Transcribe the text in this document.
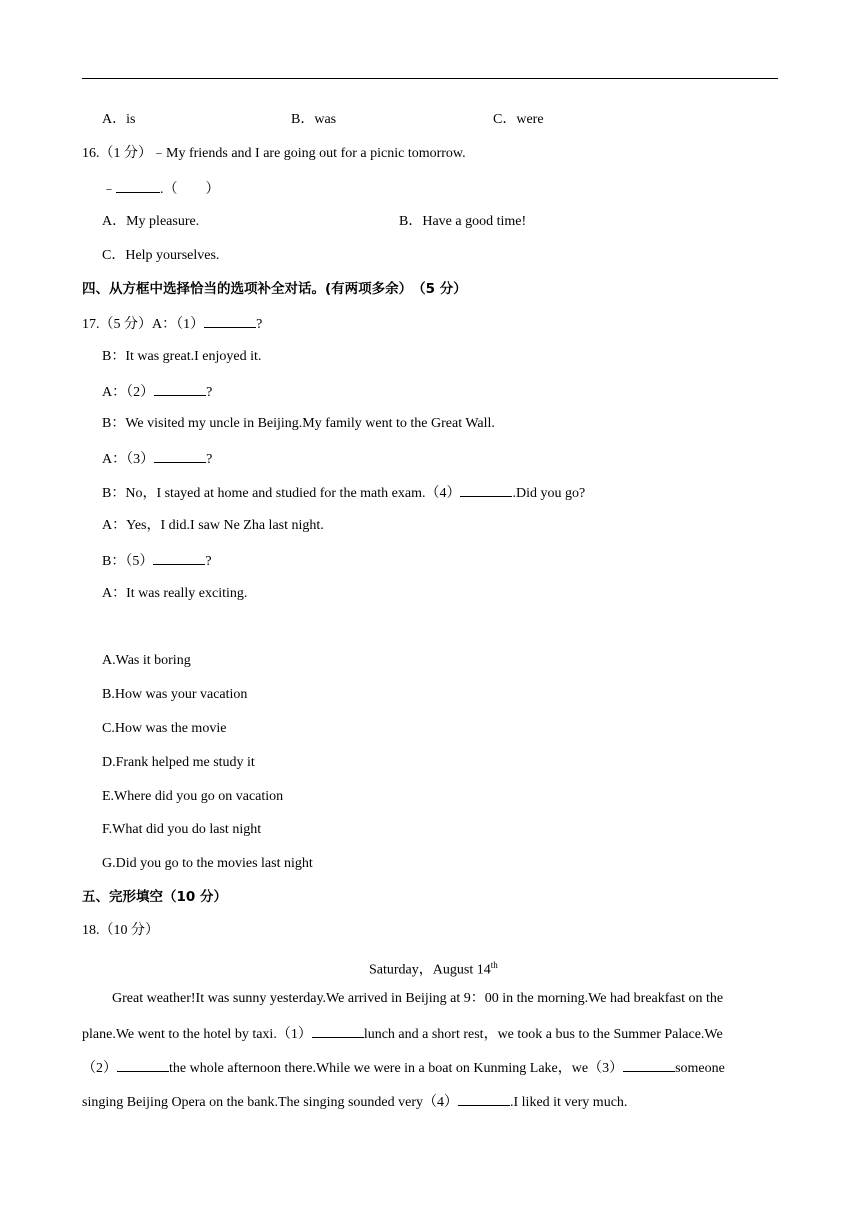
A．is	B．was	C．were
16.（1 分）﹣My friends and I are going out for a picnic tomorrow.
﹣	.（　　）
A．My pleasure.	B．Have a good time!
C．Help yourselves.
四、从方框中选择恰当的选项补全对话。(有两项多余）　（5 分）
17.（5 分）A：（1）	?
B：It was great.I enjoyed it.
A：（2）	?
B：We visited my uncle in Beijing.My family went to the Great Wall.
A：（3）	?
B：No，I stayed at home and studied for the math exam.（4）	.Did you go?
A：Yes，I did.I saw Ne Zha last night.
B：（5）	?
A：It was really exciting.
A.Was it boring
B.How was your vacation
C.How was the movie
D.Frank helped me study it
E.Where did you go on vacation
F.What did you do last night
G.Did you go to the movies last night
五、完形填空（10 分）
18.（10 分）
Saturday，August 14th
Great weather!It was sunny yesterday.We arrived in Beijing at 9：00 in the morning.We had breakfast on the
plane.We went to the hotel by taxi.（1）	lunch and a short rest，we took a bus to the Summer Palace.We
（2）	the whole afternoon there.While we were in a boat on Kunming Lake，we（3）	someone
singing Beijing Opera on the bank.The singing sounded very（4）	.I liked it very much.
